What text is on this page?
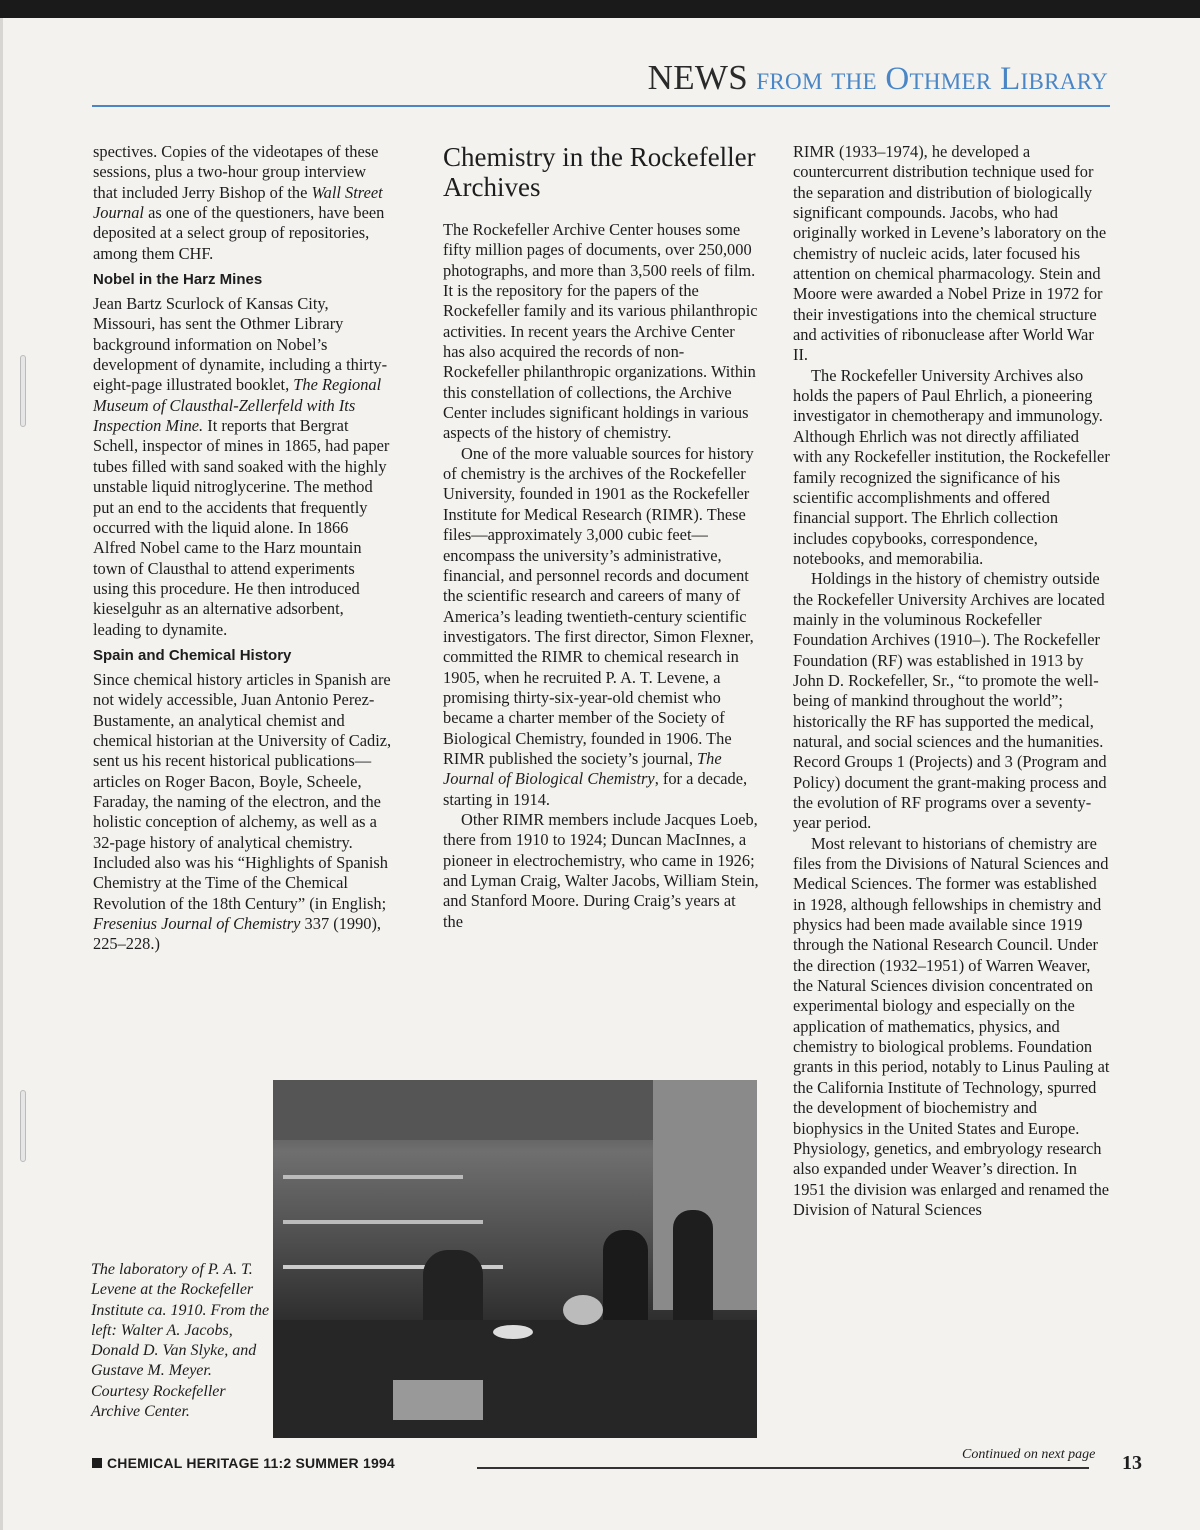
NEWS from the Othmer Library

spectives. Copies of the videotapes of these sessions, plus a two-hour group interview that included Jerry Bishop of the Wall Street Journal as one of the questioners, have been deposited at a select group of repositories, among them CHF.

Nobel in the Harz Mines

Jean Bartz Scurlock of Kansas City, Missouri, has sent the Othmer Library background information on Nobel’s development of dynamite, including a thirty-eight-page illustrated booklet, The Regional Museum of Clausthal-Zellerfeld with Its Inspection Mine. It reports that Bergrat Schell, inspector of mines in 1865, had paper tubes filled with sand soaked with the highly unstable liquid nitroglycerine. The method put an end to the accidents that frequently occurred with the liquid alone. In 1866 Alfred Nobel came to the Harz mountain town of Clausthal to attend experiments using this procedure. He then introduced kieselguhr as an alternative adsorbent, leading to dynamite.

Spain and Chemical History

Since chemical history articles in Spanish are not widely accessible, Juan Antonio Perez-Bustamente, an analytical chemist and chemical historian at the University of Cadiz, sent us his recent historical publications—articles on Roger Bacon, Boyle, Scheele, Faraday, the naming of the electron, and the holistic conception of alchemy, as well as a 32-page history of analytical chemistry. Included also was his “Highlights of Spanish Chemistry at the Time of the Chemical Revolution of the 18th Century” (in English; Fresenius Journal of Chemistry 337 (1990), 225–228.)

Chemistry in the Rockefeller Archives

The Rockefeller Archive Center houses some fifty million pages of documents, over 250,000 photographs, and more than 3,500 reels of film. It is the repository for the papers of the Rockefeller family and its various philanthropic activities. In recent years the Archive Center has also acquired the records of non-Rockefeller philanthropic organizations. Within this constellation of collections, the Archive Center includes significant holdings in various aspects of the history of chemistry.

One of the more valuable sources for history of chemistry is the archives of the Rockefeller University, founded in 1901 as the Rockefeller Institute for Medical Research (RIMR). These files—approximately 3,000 cubic feet—encompass the university’s administrative, financial, and personnel records and document the scientific research and careers of many of America’s leading twentieth-century scientific investigators. The first director, Simon Flexner, committed the RIMR to chemical research in 1905, when he recruited P. A. T. Levene, a promising thirty-six-year-old chemist who became a charter member of the Society of Biological Chemistry, founded in 1906. The RIMR published the society’s journal, The Journal of Biological Chemistry, for a decade, starting in 1914.

Other RIMR members include Jacques Loeb, there from 1910 to 1924; Duncan MacInnes, a pioneer in electrochemistry, who came in 1926; and Lyman Craig, Walter Jacobs, William Stein, and Stanford Moore. During Craig’s years at the

RIMR (1933–1974), he developed a countercurrent distribution technique used for the separation and distribution of biologically significant compounds. Jacobs, who had originally worked in Levene’s laboratory on the chemistry of nucleic acids, later focused his attention on chemical pharmacology. Stein and Moore were awarded a Nobel Prize in 1972 for their investigations into the chemical structure and activities of ribonuclease after World War II.

The Rockefeller University Archives also holds the papers of Paul Ehrlich, a pioneering investigator in chemotherapy and immunology. Although Ehrlich was not directly affiliated with any Rockefeller institution, the Rockefeller family recognized the significance of his scientific accomplishments and offered financial support. The Ehrlich collection includes copybooks, correspondence, notebooks, and memorabilia.

Holdings in the history of chemistry outside the Rockefeller University Archives are located mainly in the voluminous Rockefeller Foundation Archives (1910–). The Rockefeller Foundation (RF) was established in 1913 by John D. Rockefeller, Sr., “to promote the well-being of mankind throughout the world”; historically the RF has supported the medical, natural, and social sciences and the humanities. Record Groups 1 (Projects) and 3 (Program and Policy) document the grant-making process and the evolution of RF programs over a seventy-year period.

Most relevant to historians of chemistry are files from the Divisions of Natural Sciences and Medical Sciences. The former was established in 1928, although fellowships in chemistry and physics had been made available since 1919 through the National Research Council. Under the direction (1932–1951) of Warren Weaver, the Natural Sciences division concentrated on experimental biology and especially on the application of mathematics, physics, and chemistry to biological problems. Foundation grants in this period, notably to Linus Pauling at the California Institute of Technology, spurred the development of biochemistry and biophysics in the United States and Europe. Physiology, genetics, and embryology research also expanded under Weaver’s direction. In 1951 the division was enlarged and renamed the Division of Natural Sciences

The laboratory of P. A. T. Levene at the Rockefeller Institute ca. 1910. From the left: Walter A. Jacobs, Donald D. Van Slyke, and Gustave M. Meyer. Courtesy Rockefeller Archive Center.
Continued on next page
CHEMICAL HERITAGE 11:2 SUMMER 1994	13
